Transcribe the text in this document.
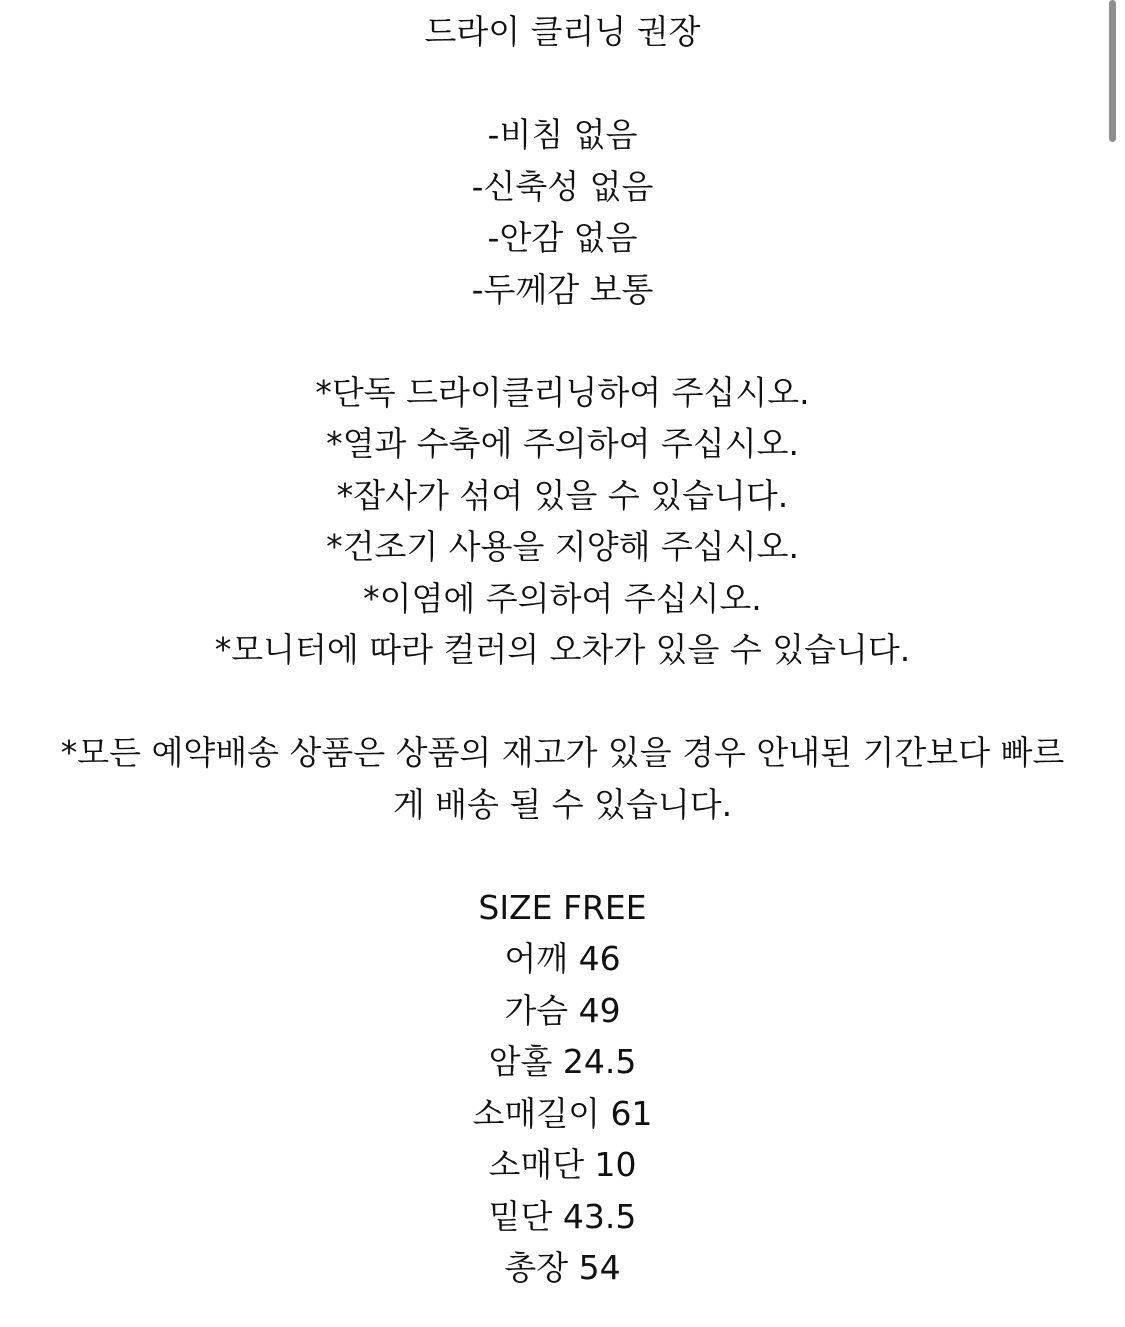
드라이 클리닝 권장
-비침 없음
-신축성 없음
-안감 없음
-두께감 보통
*단독 드라이클리닝하여 주십시오.
*열과 수축에 주의하여 주십시오.
*잡사가 섞여 있을 수 있습니다.
*건조기 사용을 지양해 주십시오.
*이염에 주의하여 주십시오.
*모니터에 따라 컬러의 오차가 있을 수 있습니다.
*모든 예약배송 상품은 상품의 재고가 있을 경우 안내된 기간보다 빠르
게 배송 될 수 있습니다.
SIZE FREE
어깨 46
가슴 49
암홀 24.5
소매길이 61
소매단 10
밑단 43.5
총장 54
